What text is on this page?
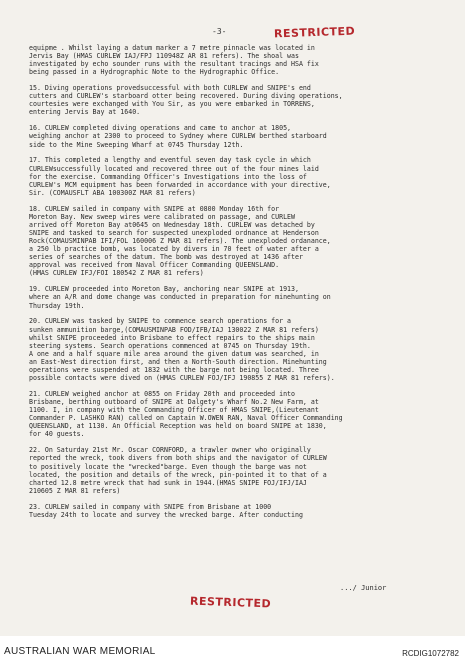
-3-	RESTRICTED

equipme . Whilst laying a datum marker a 7 metre pinnacle was located in
Jervis Bay (HMAS CURLEW IAJ/FPJ 110948Z AR 81 refers). The shoal was
investigated by echo sounder runs with the resultant tracings and HSA fix
being passed in a Hydrographic Note to the Hydrographic Office.

15. Diving operations provedsuccessful with both CURLEW and SNIPE's end
cutters and CURLEW's starboard otter being recovered. During diving operations,
courtesies were exchanged with You Sir, as you were embarked in TORRENS,
entering Jervis Bay at 1640.

16. CURLEW completed diving operations and came to anchor at 1805,
weighing anchor at 2300 to proceed to Sydney where CURLEW berthed starboard
side to the Mine Sweeping Wharf at 0745 Thursday 12th.

17. This completed a lengthy and eventful seven day task cycle in which
CURLEWsuccessfully located and recovered three out of the four mines laid
for the exercise. Commanding Officer's Investigations into the loss of
CURLEW's MCM equipment has been forwarded in accordance with your directive,
Sir. (COMAUSFLT ABA 100300Z MAR 81 refers)

18. CURLEW sailed in company with SNIPE at 0800 Monday 16th for
Moreton Bay. New sweep wires were calibrated on passage, and CURLEW
arrived off Moreton Bay at0645 on Wednesday 18th. CURLEW was detached by
SNIPE and tasked to search for suspected unexploded ordnance at Henderson
Rock(COMAUSMINPAB IFI/FOL 160006 Z MAR 81 refers). The unexploded ordanance,
a 250 lb practice bomb, was located by divers in 70 feet of water after a
series of searches of the datum. The bomb was destroyed at 1436 after
approval was received from Naval Officer Commanding QUEENSLAND.
(HMAS CURLEW IFJ/FOI 180542 Z MAR 81 refers)

19. CURLEW proceeded into Moreton Bay, anchoring near SNIPE at 1913,
where an A/R and dome change was conducted in preparation for minehunting on
Thursday 19th.

20. CURLEW was tasked by SNIPE to commence search operations for a
sunken ammunition barge,(COMAUSMINPAB FOD/IFB/IAJ 130022 Z MAR 81 refers)
whilst SNIPE proceeded into Brisbane to effect repairs to the ships main
steering systems. Search operations commenced at 0745 on Thursday 19th.
A one and a half square mile area around the given datum was searched, in
an East-West direction first, and then a North-South direction. Minehunting
operations were suspended at 1832 with the barge not being located. Three
possible contacts were dived on (HMAS CURLEW FOJ/IFJ 190855 Z MAR 81 refers).

21. CURLEW weighed anchor at 0855 on Friday 20th and proceeded into
Brisbane, berthing outboard of SNIPE at Dalgety's Wharf No.2 New Farm, at
1100. I, in company with the Commanding Officer of HMAS SNIPE,(Lieutenant
Commander P. LASHKO RAN) called on Captain W.OWEN RAN, Naval Officer Commanding
QUEENSLAND, at 1130. An Official Reception was held on board SNIPE at 1830,
for 40 guests.

22. On Saturday 21st Mr. Oscar CORNFORD, a trawler owner who originally
reported the wreck, took divers from both ships and the navigator of CURLEW
to positively locate the "wrecked"barge. Even though the barge was not
located, the position and details of the wreck, pin-pointed it to that of a
charted 12.8 metre wreck that had sunk in 1944.(HMAS SNIPE FOJ/IFJ/IAJ
210605 Z MAR 81 refers)

23. CURLEW sailed in company with SNIPE from Brisbane at 1000
Tuesday 24th to locate and survey the wrecked barge. After conducting

.../ Junior
RESTRICTED
AUSTRALIAN WAR MEMORIAL	RCDIG1072782
